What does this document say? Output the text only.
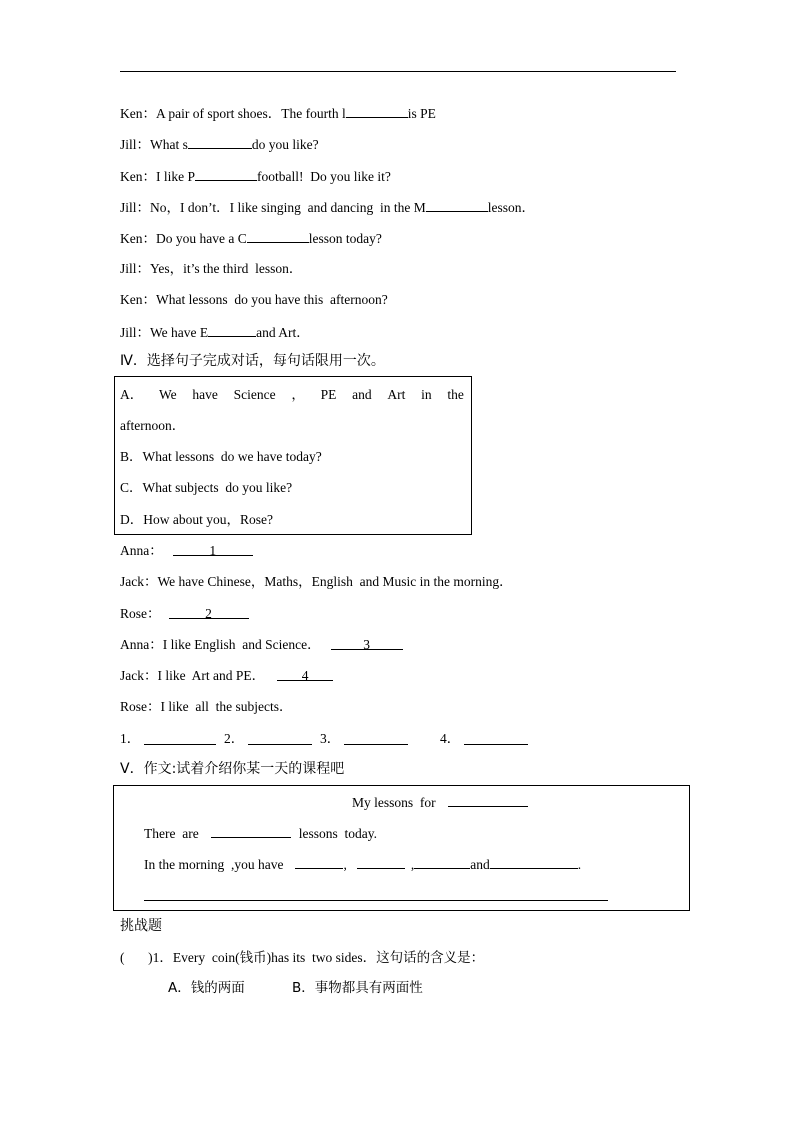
Ken：A pair of sport shoes．The fourth l	is PE
Jill：What s	do you like?
Ken：I like P	football!  Do you like it?
Jill：No，I don’t．I like singing  and dancing  in the M	lesson．
Ken：Do you have a C	lesson today?
Jill：Yes，it’s the third  lesson．
Ken：What lessons  do you have this  afternoon?
Jill：We have E	and Art．
Ⅳ．选择句子完成对话，每句话限用一次。
A． We have Science ， PE and Art in the
afternoon．
B．What lessons  do we have today?
C．What subjects  do you like?
D．How about you，Rose?
Anna：	1
Jack：We have Chinese，Maths，English  and Music in the morning．
Rose：	2
Anna：I like English  and Science．	3
Jack：I like  Art and PE．	4
Rose：I like  all  the subjects．
1．	2．	3．	4．
Ⅴ．作文:试着介绍你某一天的课程吧
My lessons  for
There  are	lessons  today.
In the morning  ,you have	,	,	and	.
挑战题
(       )1．Every  coin(钱币)has its  two sides．这句话的含义是：
A．钱的两面	B．事物都具有两面性
